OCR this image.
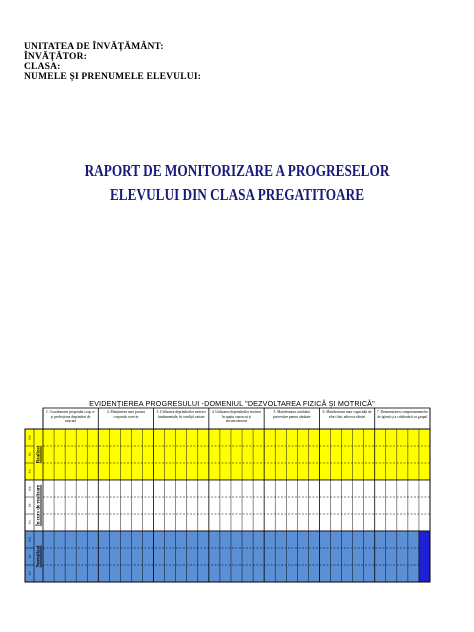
UNITATEA DE ÎNVĂȚĂMÂNT:
ÎNVĂȚĂTOR:
CLASA:
NUMELE ȘI PRENUMELE ELEVULUI:
RAPORT DE MONITORIZARE A PROGRESELOR
ELEVULUI DIN CLASA PREGATITOARE
EVIDENȚIEREA PROGRESULUI -DOMENIUL "DEZVOLTAREA FIZICĂ ȘI MOTRICĂ"
Realizat
Sept
Ian
Iun
În curs de realizare
Sept
Ian
Iun
Nerealizat
Sept
Ian
Iun
1. Coordonarea propriului corp, a-și perfecționa deprinderi de mișcare
2. Menținerea unei posturi corporale corecte
3. Utilizarea deprinderilor motrice fundamentale, în condiții variate
4. Utilizarea deprinderilor motrice în spațiu cunoscut și neconcunoscut
5. Manifestarea conduitei preventive pentru sănătate
6. Manifestarea unor capacități de efort fizic adecvat vârstei
7. Demonstrarea comportamentelor de igienă și a colaborării cu grupul
